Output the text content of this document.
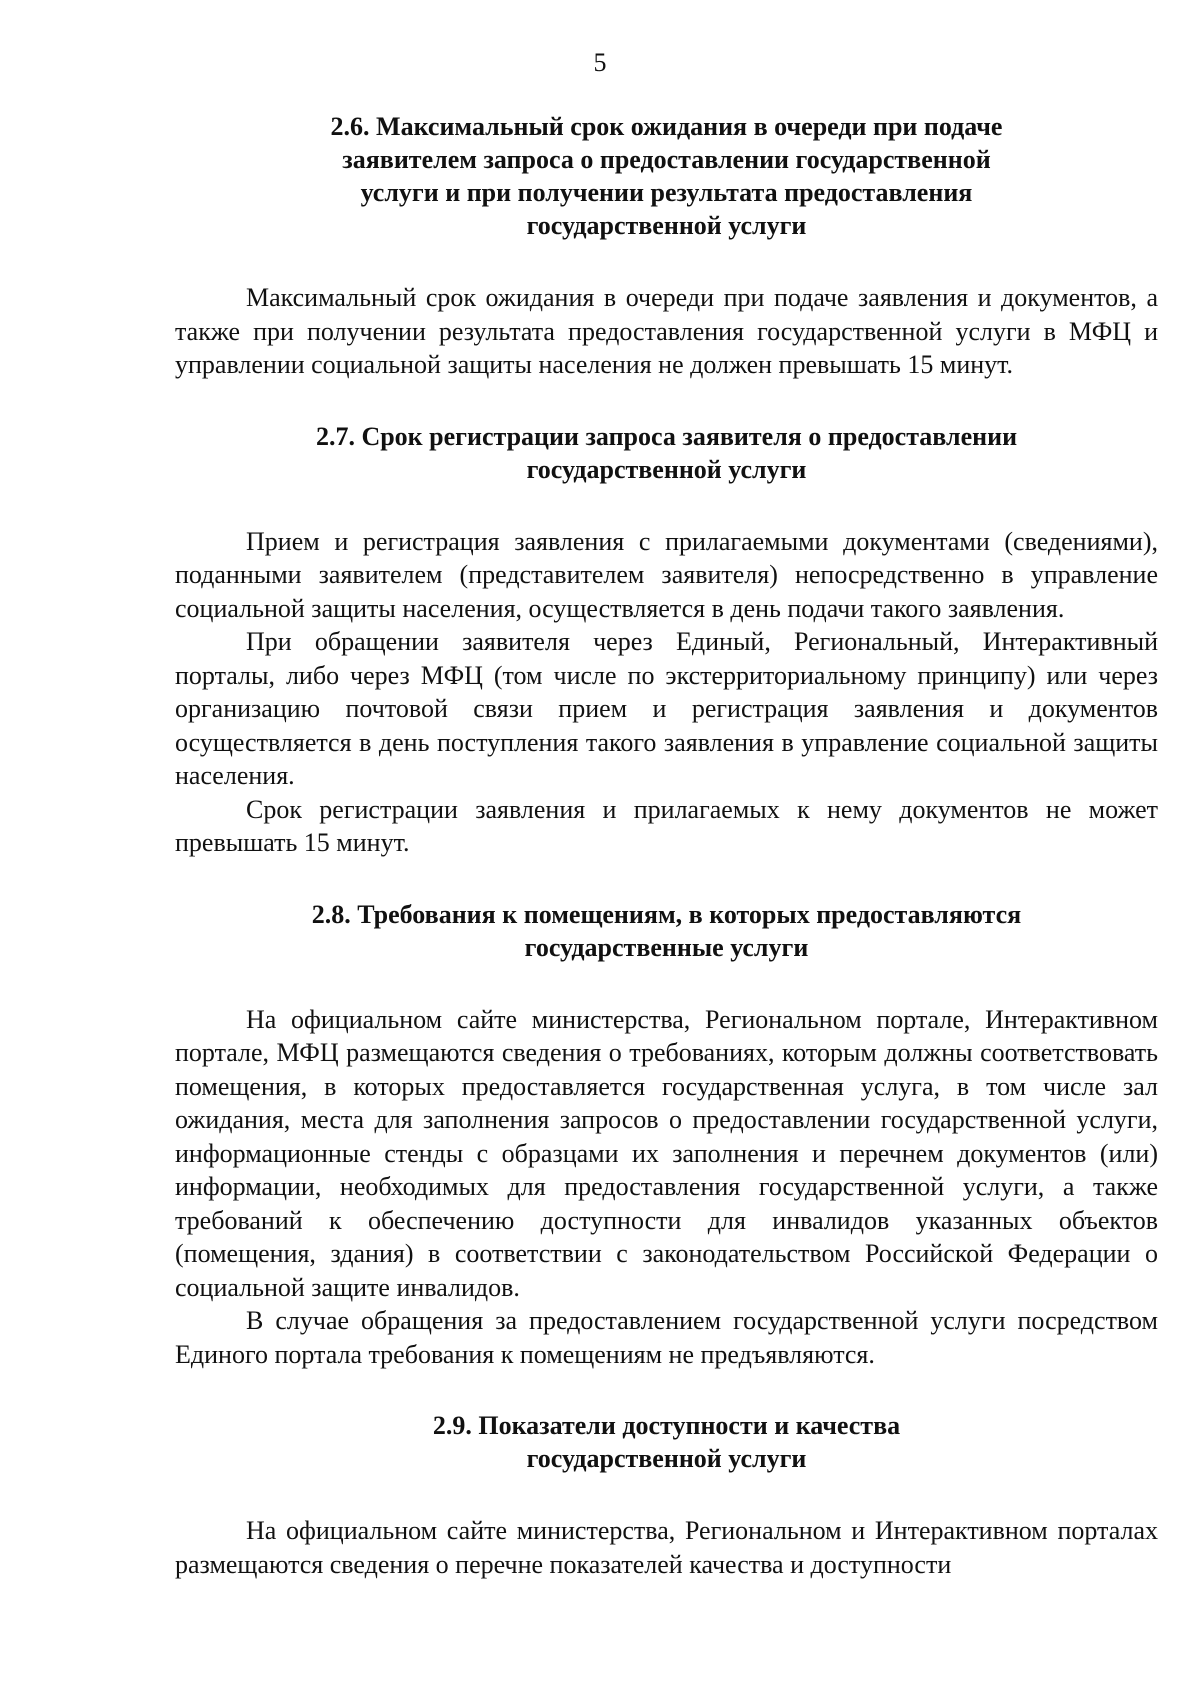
5
2.6. Максимальный срок ожидания в очереди при подаче
заявителем запроса о предоставлении государственной
услуги и при получении результата предоставления
государственной услуги

Максимальный срок ожидания в очереди при подаче заявления и документов, а также при получении результата предоставления государственной услуги в МФЦ и управлении социальной защиты населения не должен превышать 15 минут.

2.7. Срок регистрации запроса заявителя о предоставлении
государственной услуги

Прием и регистрация заявления с прилагаемыми документами (сведениями), поданными заявителем (представителем заявителя) непосредственно в управление социальной защиты населения, осуществляется в день подачи такого заявления.

При обращении заявителя через Единый, Региональный, Интерактивный порталы, либо через МФЦ (том числе по экстерриториальному принципу) или через организацию почтовой связи прием и регистрация заявления и документов осуществляется в день поступления такого заявления в управление социальной защиты населения.

Срок регистрации заявления и прилагаемых к нему документов не может превышать 15 минут.

2.8. Требования к помещениям, в которых предоставляются
государственные услуги

На официальном сайте министерства, Региональном портале, Интерактивном портале, МФЦ размещаются сведения о требованиях, которым должны соответствовать помещения, в которых предоставляется государственная услуга, в том числе зал ожидания, места для заполнения запросов о предоставлении государственной услуги, информационные стенды с образцами их заполнения и перечнем документов (или) информации, необходимых для предоставления государственной услуги, а также требований к обеспечению доступности для инвалидов указанных объектов (помещения, здания) в соответствии с законодательством Российской Федерации о социальной защите инвалидов.

В случае обращения за предоставлением государственной услуги посредством Единого портала требования к помещениям не предъявляются.

2.9. Показатели доступности и качества
государственной услуги

На официальном сайте министерства, Региональном и Интерактивном порталах размещаются сведения о перечне показателей качества и доступности
